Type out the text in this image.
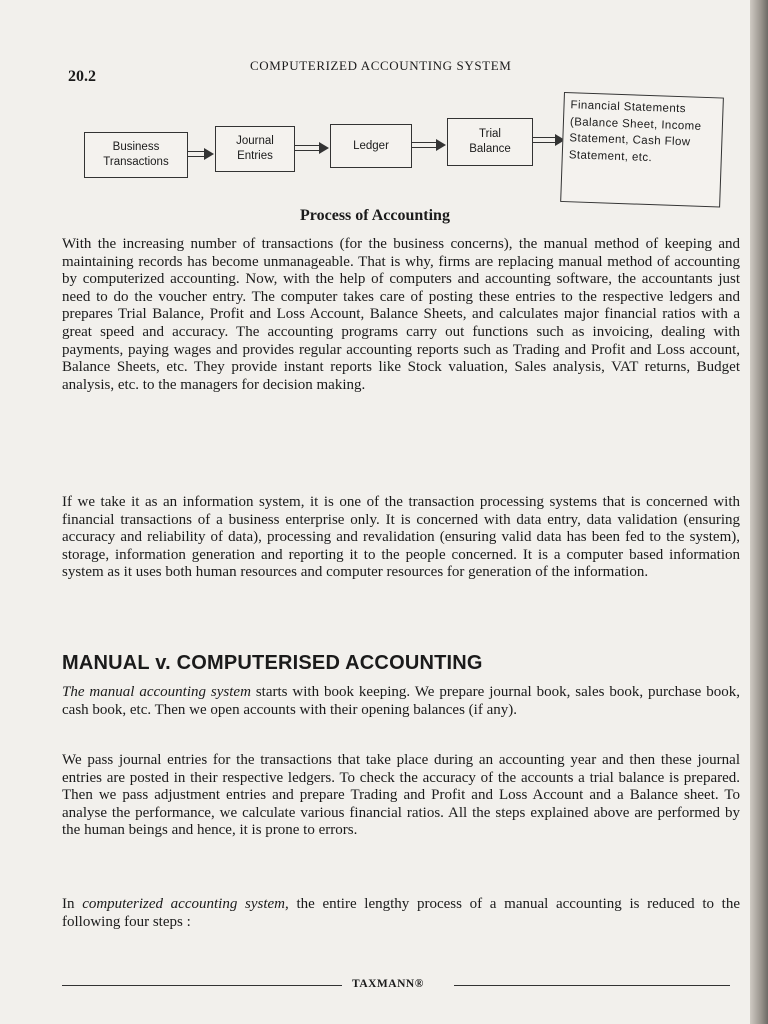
20.2
COMPUTERIZED ACCOUNTING SYSTEM
Business
Transactions
Journal
Entries
Ledger
Trial
Balance
Financial Statements
(Balance Sheet, Income
Statement, Cash Flow
Statement, etc.
Process of Accounting

With the increasing number of transactions (for the business concerns), the manual method of keeping and maintaining records has become unmanageable. That is why, firms are replacing manual method of accounting by computerized accounting. Now, with the help of computers and accounting software, the accountants just need to do the voucher entry. The computer takes care of posting these entries to the respective ledgers and prepares Trial Balance, Profit and Loss Account, Balance Sheets, and calculates major financial ratios with a great speed and accuracy. The accounting programs carry out functions such as invoicing, dealing with payments, paying wages and provides regular accounting reports such as Trading and Profit and Loss account, Balance Sheets, etc. They provide instant reports like Stock valuation, Sales analysis, VAT returns, Budget analysis, etc. to the managers for decision making.

If we take it as an information system, it is one of the transaction processing systems that is concerned with financial transactions of a business enterprise only. It is concerned with data entry, data validation (ensuring accuracy and reliability of data), processing and revalidation (ensuring valid data has been fed to the system), storage, information generation and reporting it to the people concerned. It is a computer based information system as it uses both human resources and computer resources for generation of the information.

MANUAL v. COMPUTERISED ACCOUNTING

The manual accounting system starts with book keeping. We prepare journal book, sales book, purchase book, cash book, etc. Then we open accounts with their opening balances (if any).

We pass journal entries for the transactions that take place during an accounting year and then these journal entries are posted in their respective ledgers. To check the accuracy of the accounts a trial balance is prepared. Then we pass adjustment entries and prepare Trading and Profit and Loss Account and a Balance sheet. To analyse the performance, we calculate various financial ratios. All the steps explained above are performed by the human beings and hence, it is prone to errors.

In computerized accounting system, the entire lengthy process of a manual accounting is reduced to the following four steps :

TAXMANN®
